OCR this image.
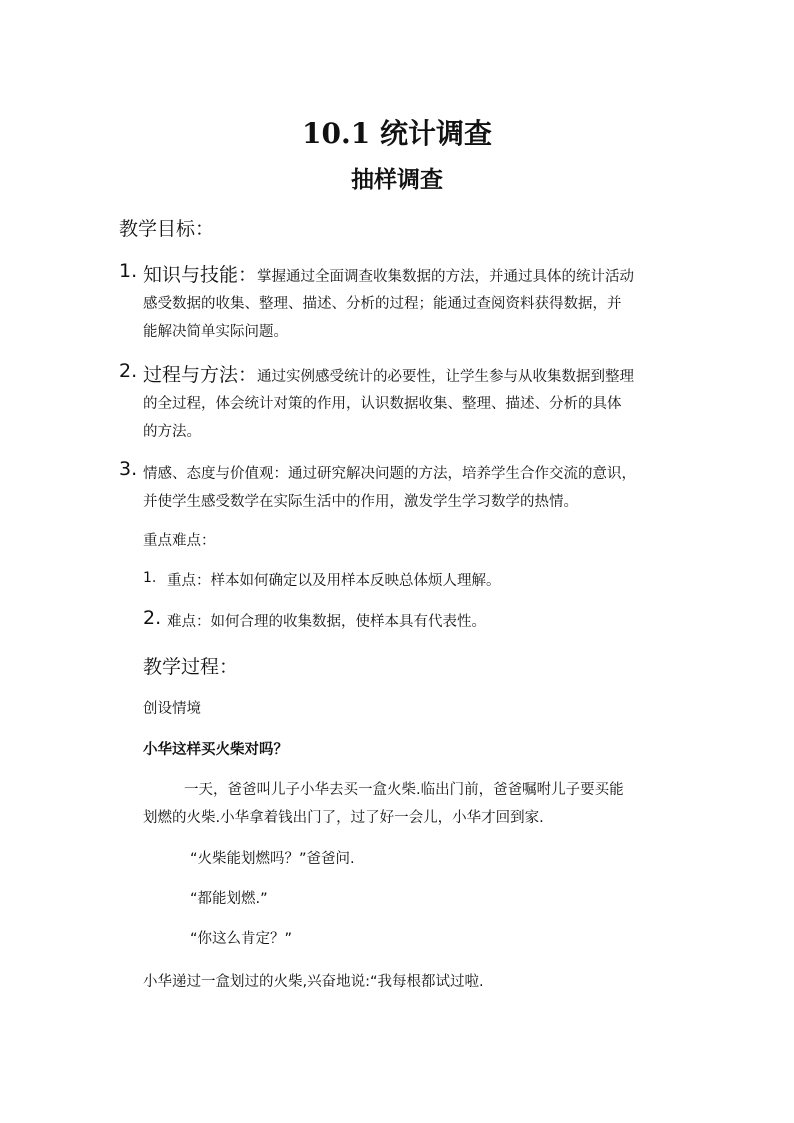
10.1 统计调查
抽样调查
教学目标：
1. 知识与技能：掌握通过全面调查收集数据的方法，并通过具体的统计活动
感受数据的收集、整理、描述、分析的过程；能通过查阅资料获得数据，并
能解决简单实际问题。
2. 过程与方法：通过实例感受统计的必要性，让学生参与从收集数据到整理
的全过程，体会统计对策的作用，认识数据收集、整理、描述、分析的具体
的方法。
3. 情感、态度与价值观：通过研究解决问题的方法，培养学生合作交流的意识，
并使学生感受数学在实际生活中的作用，激发学生学习数学的热情。
重点难点：
1. 重点：样本如何确定以及用样本反映总体烦人理解。
2. 难点：如何合理的收集数据，使样本具有代表性。
教学过程：
创设情境
小华这样买火柴对吗？
一天，爸爸叫儿子小华去买一盒火柴.临出门前，爸爸嘱咐儿子要买能
划燃的火柴.小华拿着钱出门了，过了好一会儿，小华才回到家.
“火柴能划燃吗？”爸爸问.
“都能划燃.”
“你这么肯定？”
小华递过一盒划过的火柴,兴奋地说:“我每根都试过啦.
